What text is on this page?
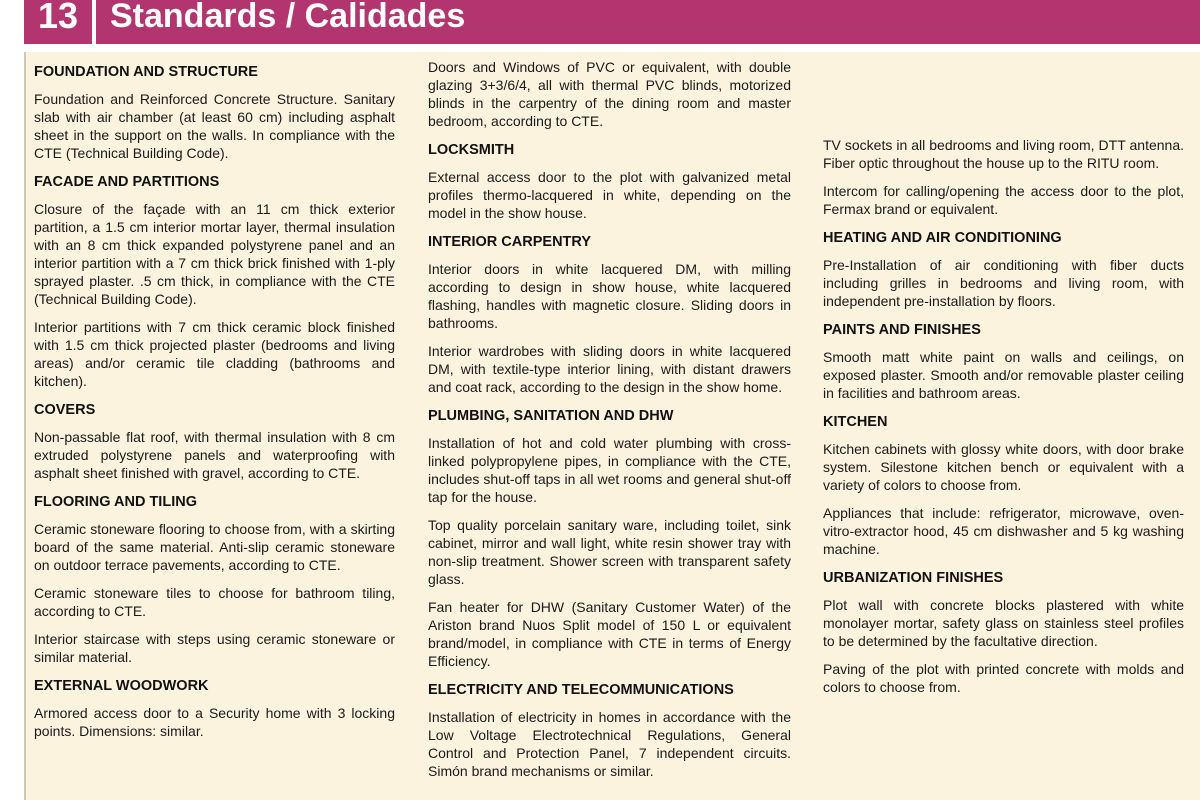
13 Standards / Calidades
FOUNDATION AND STRUCTURE
Foundation and Reinforced Concrete Structure. Sanitary slab with air chamber (at least 60 cm) including asphalt sheet in the support on the walls. In compliance with the CTE (Technical Building Code).
FACADE AND PARTITIONS
Closure of the façade with an 11 cm thick exterior partition, a 1.5 cm interior mortar layer, thermal insulation with an 8 cm thick expanded polystyrene panel and an interior partition with a 7 cm thick brick finished with 1-ply sprayed plaster. .5 cm thick, in compliance with the CTE (Technical Building Code).
Interior partitions with 7 cm thick ceramic block finished with 1.5 cm thick projected plaster (bedrooms and living areas) and/or ceramic tile cladding (bathrooms and kitchen).
COVERS
Non-passable flat roof, with thermal insulation with 8 cm extruded polystyrene panels and waterproofing with asphalt sheet finished with gravel, according to CTE.
FLOORING AND TILING
Ceramic stoneware flooring to choose from, with a skirting board of the same material. Anti-slip ceramic stoneware on outdoor terrace pavements, according to CTE.
Ceramic stoneware tiles to choose for bathroom tiling, according to CTE.
Interior staircase with steps using ceramic stoneware or similar material.
EXTERNAL WOODWORK
Armored access door to a Security home with 3 locking points. Dimensions: similar.
Doors and Windows of PVC or equivalent, with double glazing 3+3/6/4, all with thermal PVC blinds, motorized blinds in the carpentry of the dining room and master bedroom, according to CTE.
LOCKSMITH
External access door to the plot with galvanized metal profiles thermo-lacquered in white, depending on the model in the show house.
INTERIOR CARPENTRY
Interior doors in white lacquered DM, with milling according to design in show house, white lacquered flashing, handles with magnetic closure. Sliding doors in bathrooms.
Interior wardrobes with sliding doors in white lacquered DM, with textile-type interior lining, with distant drawers and coat rack, according to the design in the show home.
PLUMBING, SANITATION AND DHW
Installation of hot and cold water plumbing with cross-linked polypropylene pipes, in compliance with the CTE, includes shut-off taps in all wet rooms and general shut-off tap for the house.
Top quality porcelain sanitary ware, including toilet, sink cabinet, mirror and wall light, white resin shower tray with non-slip treatment. Shower screen with transparent safety glass.
Fan heater for DHW (Sanitary Customer Water) of the Ariston brand Nuos Split model of 150 L or equivalent brand/model, in compliance with CTE in terms of Energy Efficiency.
ELECTRICITY AND TELECOMMUNICATIONS
Installation of electricity in homes in accordance with the Low Voltage Electrotechnical Regulations, General Control and Protection Panel, 7 independent circuits. Simón brand mechanisms or similar.
TV sockets in all bedrooms and living room, DTT antenna. Fiber optic throughout the house up to the RITU room.
Intercom for calling/opening the access door to the plot, Fermax brand or equivalent.
HEATING AND AIR CONDITIONING
Pre-Installation of air conditioning with fiber ducts including grilles in bedrooms and living room, with independent pre-installation by floors.
PAINTS AND FINISHES
Smooth matt white paint on walls and ceilings, on exposed plaster. Smooth and/or removable plaster ceiling in facilities and bathroom areas.
KITCHEN
Kitchen cabinets with glossy white doors, with door brake system. Silestone kitchen bench or equivalent with a variety of colors to choose from.
Appliances that include: refrigerator, microwave, oven-vitro-extractor hood, 45 cm dishwasher and 5 kg washing machine.
URBANIZATION FINISHES
Plot wall with concrete blocks plastered with white monolayer mortar, safety glass on stainless steel profiles to be determined by the facultative direction.
Paving of the plot with printed concrete with molds and colors to choose from.
